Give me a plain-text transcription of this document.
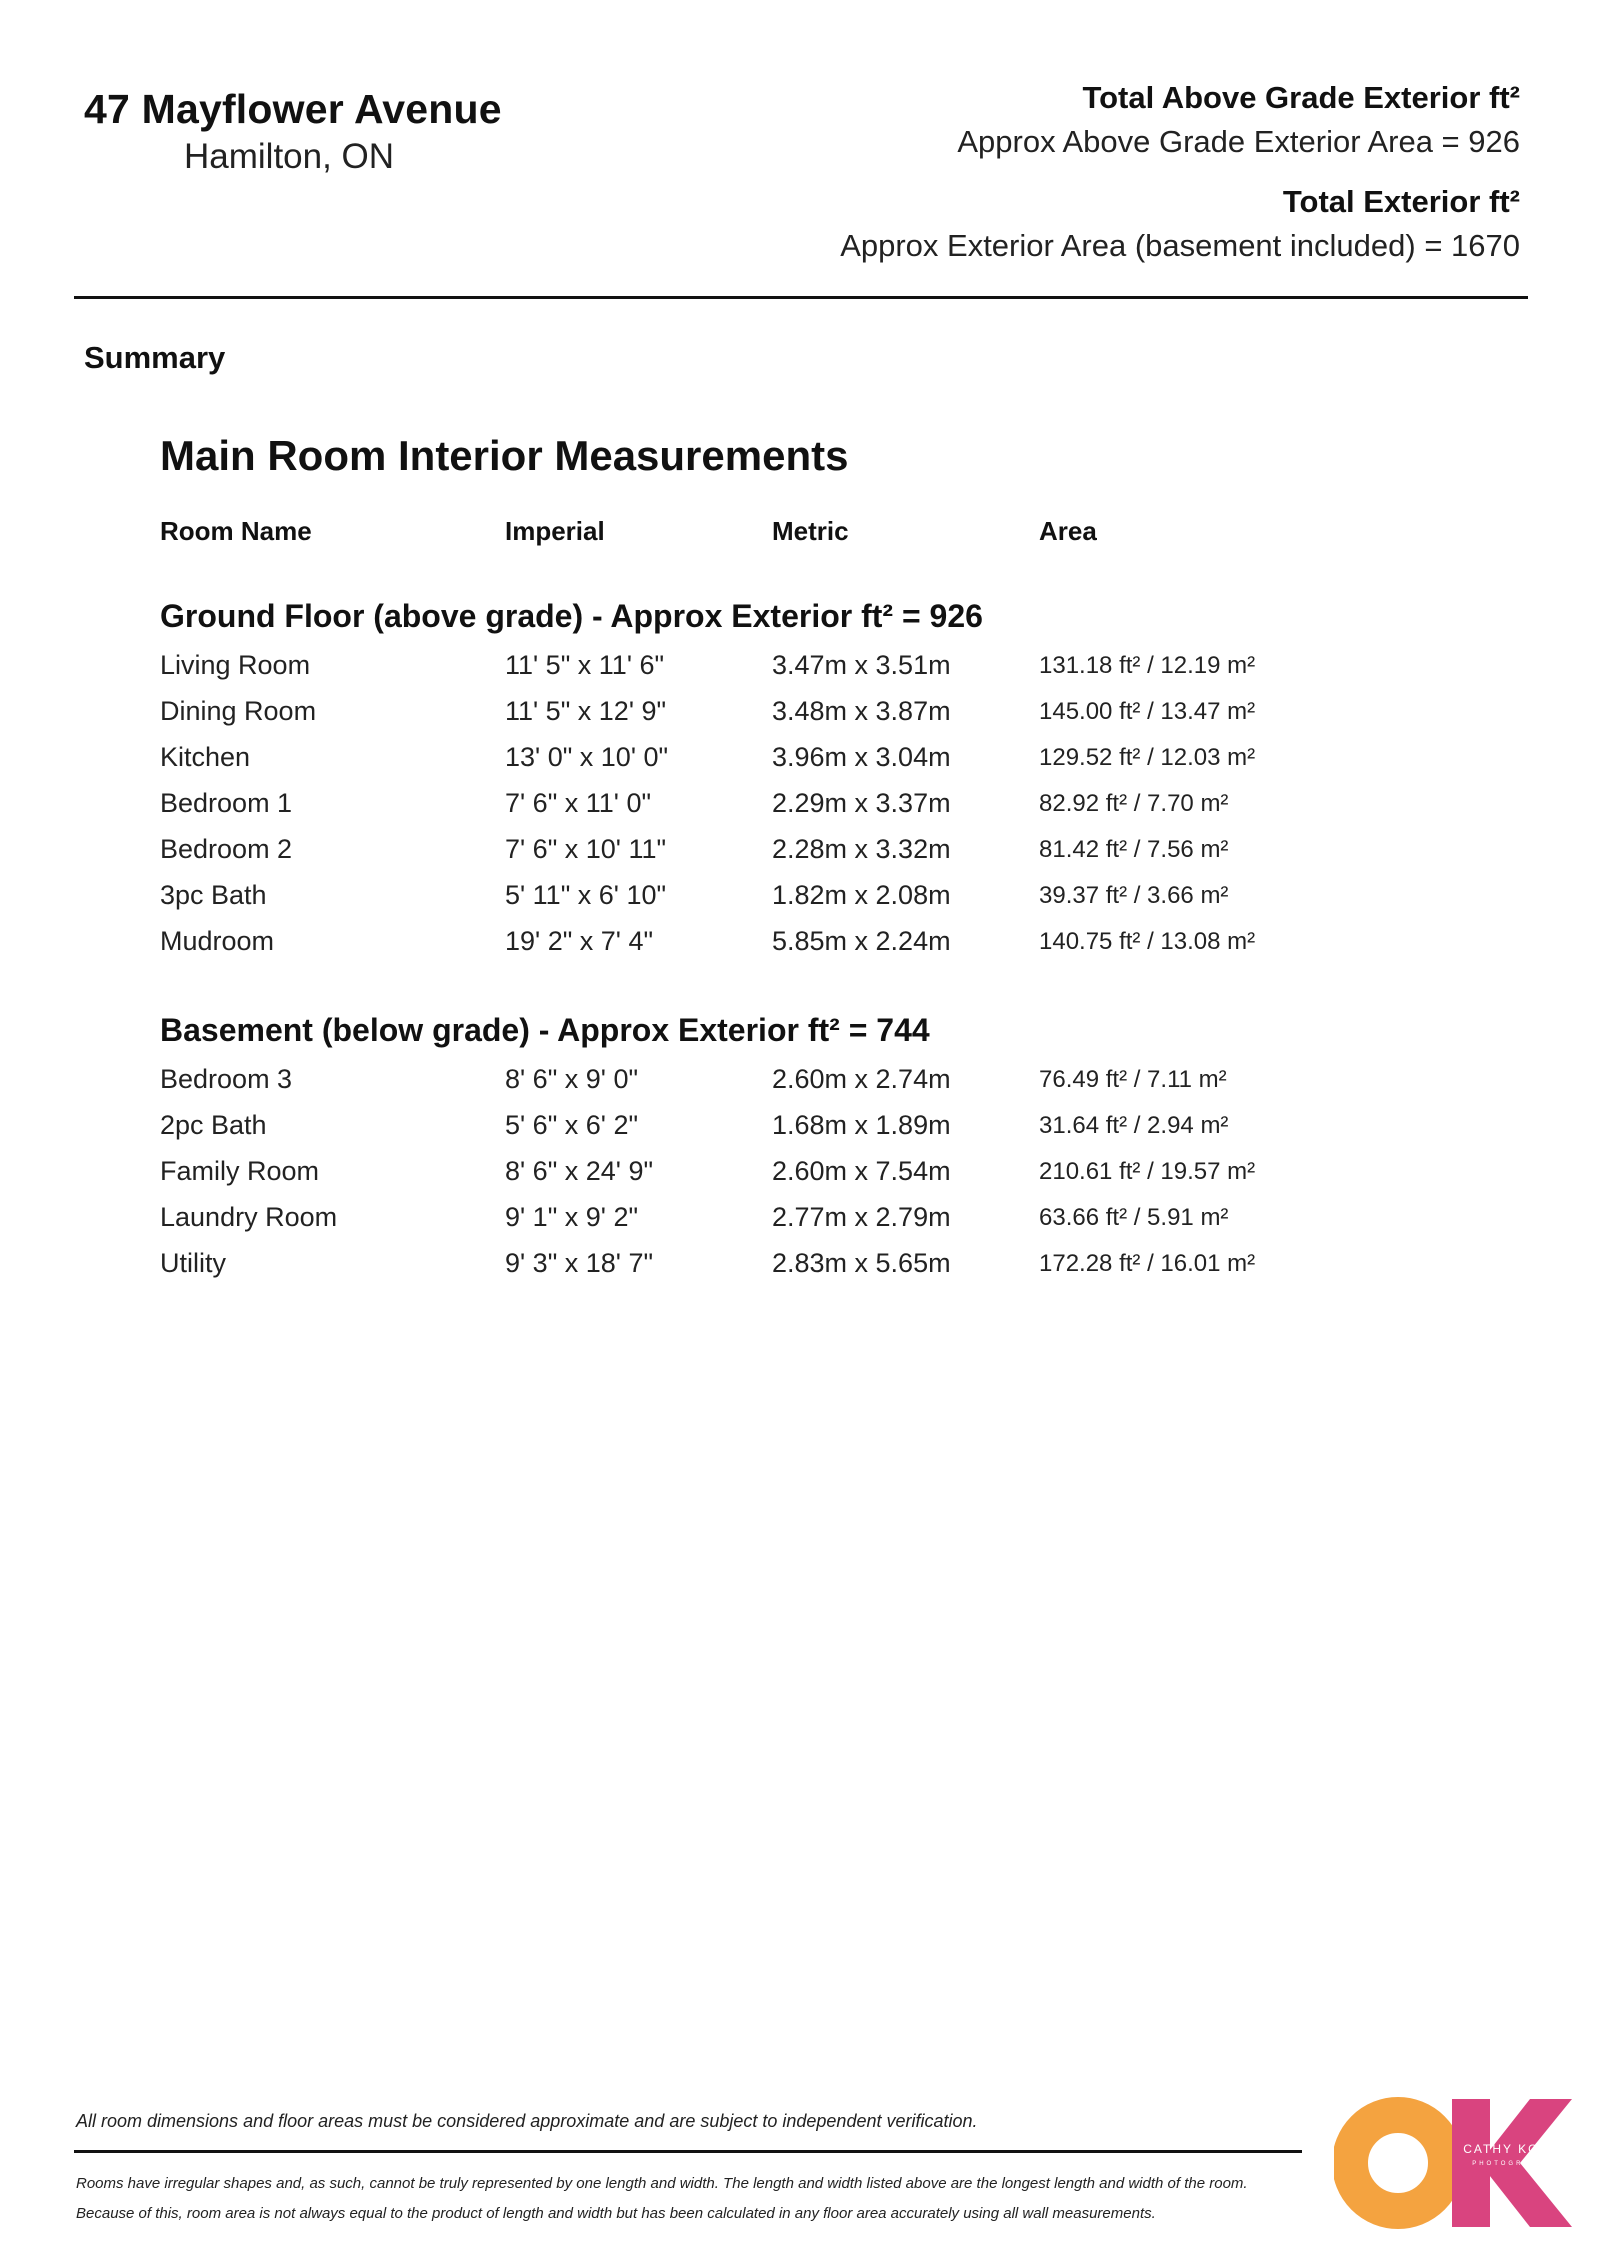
47 Mayflower Avenue
Hamilton, ON
Total Above Grade Exterior ft²
Approx Above Grade Exterior Area = 926
Total Exterior ft²
Approx Exterior Area (basement included) = 1670
Summary
Main Room Interior Measurements
Room Name	Imperial	Metric	Area
Ground Floor (above grade) - Approx Exterior ft² = 926
Living Room	11' 5" x 11' 6"	3.47m x 3.51m	131.18 ft² / 12.19 m²
Dining Room	11' 5" x 12' 9"	3.48m x 3.87m	145.00 ft² / 13.47 m²
Kitchen	13' 0" x 10' 0"	3.96m x 3.04m	129.52 ft² / 12.03 m²
Bedroom 1	7' 6" x 11' 0"	2.29m x 3.37m	82.92 ft² / 7.70 m²
Bedroom 2	7' 6" x 10' 11"	2.28m x 3.32m	81.42 ft² / 7.56 m²
3pc Bath	5' 11" x 6' 10"	1.82m x 2.08m	39.37 ft² / 3.66 m²
Mudroom	19' 2" x 7' 4"	5.85m x 2.24m	140.75 ft² / 13.08 m²
Basement (below grade) - Approx Exterior ft² = 744
Bedroom 3	8' 6" x 9' 0"	2.60m x 2.74m	76.49 ft² / 7.11 m²
2pc Bath	5' 6" x 6' 2"	1.68m x 1.89m	31.64 ft² / 2.94 m²
Family Room	8' 6" x 24' 9"	2.60m x 7.54m	210.61 ft² / 19.57 m²
Laundry Room	9' 1" x 9' 2"	2.77m x 2.79m	63.66 ft² / 5.91 m²
Utility	9' 3" x 18' 7"	2.83m x 5.65m	172.28 ft² / 16.01 m²
All room dimensions and floor areas must be considered approximate and are subject to independent verification.
Rooms have irregular shapes and, as such, cannot be truly represented by one length and width. The length and width listed above are the longest length and width of the room.
Because of this, room area is not always equal to the product of length and width but has been calculated in any floor area accurately using all wall measurements.
CATHY KOOP
PHOTOGRAPHY
